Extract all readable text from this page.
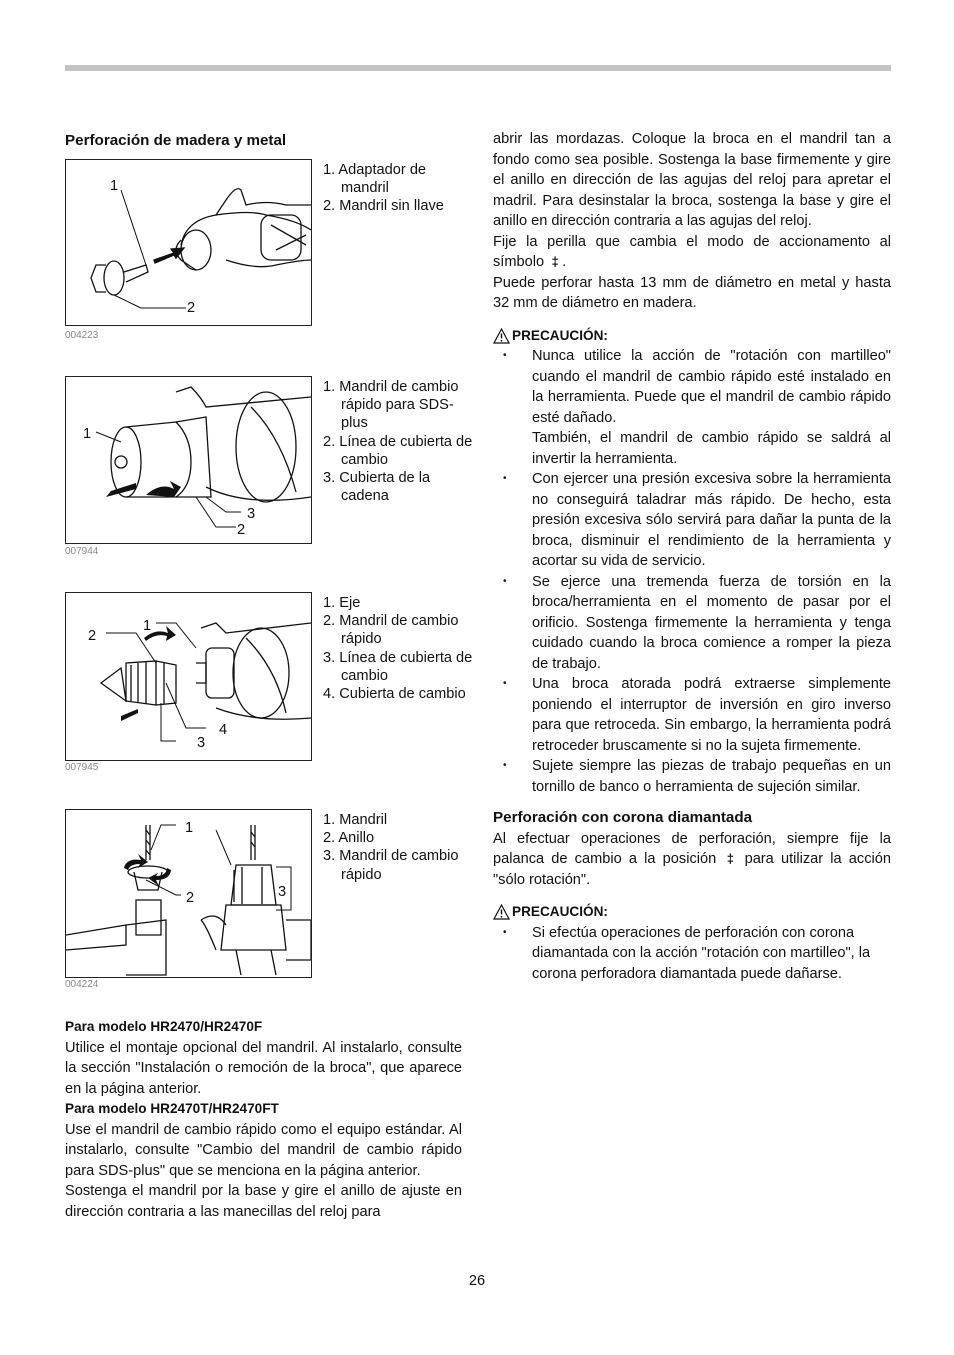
Perforación de madera y metal
1
2
004223
1. Adaptador de mandril
2. Mandril sin llave
1
3
2
007944
1. Mandril de cambio rápido para SDS-plus
2. Línea de cubierta de cambio
3. Cubierta de la cadena
2
1
4
3
007945
1. Eje
2. Mandril de cambio rápido
3. Línea de cubierta de cambio
4. Cubierta de cambio
1
2	3
004224
1. Mandril
2. Anillo
3. Mandril de cambio rápido
Para modelo HR2470/HR2470F
Utilice el montaje opcional del mandril. Al instalarlo, consulte la sección "Instalación o remoción de la broca", que aparece en la página anterior.
Para modelo HR2470T/HR2470FT
Use el mandril de cambio rápido como el equipo estándar. Al instalarlo, consulte "Cambio del mandril de cambio rápido para SDS-plus" que se menciona en la página anterior.
Sostenga el mandril por la base y gire el anillo de ajuste en dirección contraria a las manecillas del reloj para
abrir las mordazas. Coloque la broca en el mandril tan a fondo como sea posible. Sostenga la base firmemente y gire el anillo en dirección de las agujas del reloj para apretar el madril. Para desinstalar la broca, sostenga la base y gire el anillo en dirección contraria a las agujas del reloj.
Fije la perilla que cambia el modo de accionamento al símbolo ‡ .
Puede perforar hasta 13 mm de diámetro en metal y hasta 32 mm de diámetro en madera.
PRECAUCIÓN:
• Nunca utilice la acción de "rotación con martilleo" cuando el mandril de cambio rápido esté instalado en la herramienta. Puede que el mandril de cambio rápido esté dañado.
También, el mandril de cambio rápido se saldrá al invertir la herramienta.
• Con ejercer una presión excesiva sobre la herramienta no conseguirá taladrar más rápido. De hecho, esta presión excesiva sólo servirá para dañar la punta de la broca, disminuir el rendimiento de la herramienta y acortar su vida de servicio.
• Se ejerce una tremenda fuerza de torsión en la broca/herramienta en el momento de pasar por el orificio. Sostenga firmemente la herramienta y tenga cuidado cuando la broca comience a romper la pieza de trabajo.
• Una broca atorada podrá extraerse simplemente poniendo el interruptor de inversión en giro inverso para que retroceda. Sin embargo, la herramienta podrá retroceder bruscamente si no la sujeta firmemente.
• Sujete siempre las piezas de trabajo pequeñas en un tornillo de banco o herramienta de sujeción similar.
Perforación con corona diamantada
Al efectuar operaciones de perforación, siempre fije la palanca de cambio a la posición ‡ para utilizar la acción "sólo rotación".
PRECAUCIÓN:
• Si efectúa operaciones de perforación con corona diamantada con la acción "rotación con martilleo", la corona perforadora diamantada puede dañarse.
26
